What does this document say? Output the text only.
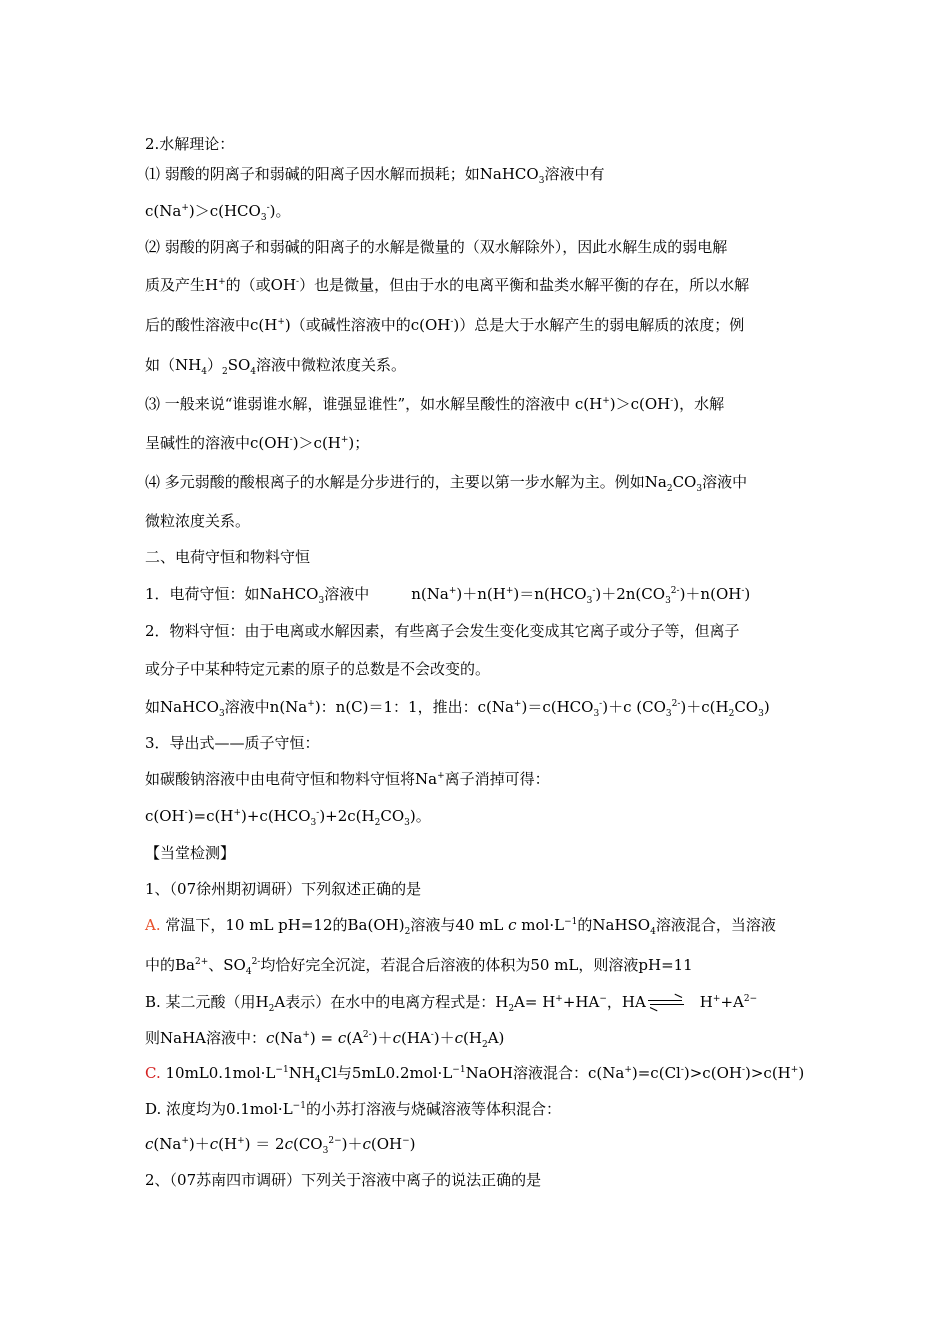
2.水解理论：
⑴ 弱酸的阴离子和弱碱的阳离子因水解而损耗；如NaHCO$_3$溶液中有
$c(Na^+)>c(HCO_3^-)$。
⑵ 弱酸的阴离子和弱碱的阳离子的水解是微量的（双水解除外），因此水解生成的弱电解
质及产生H+的（或OH-）也是微量，但由于水的电离平衡和盐类水解平衡的存在，所以水解
后的酸性溶液中c(H+)（或碱性溶液中的c(OH-)）总是大于水解产生的弱电解质的浓度；例
如$(NH_4)_2SO_4$溶液中微粒浓度关系。
⑶ 一般来说“谁弱谁水解，谁强显谁性”，如水解呈酸性的溶液中 c(H+)＞c(OH-)，水解
呈碱性的溶液中c(OH-)＞c(H+)；
⑷ 多元弱酸的酸根离子的水解是分步进行的，主要以第一步水解为主。例如$Na_2CO_3$溶液中
微粒浓度关系。
二、电荷守恒和物料守恒
1．电荷守恒：如NaHCO$_3$溶液中	$n(Na^+)+n(H^+)=n(HCO_3^-)+2n(CO_3^{2-})+n(OH^-)$
2．物料守恒：由于电离或水解因素，有些离子会发生变化变成其它离子或分子等，但离子
或分子中某种特定元素的原子的总数是不会改变的。
如NaHCO$_3$溶液中n(Na+)：n(C)＝1：1，推出：$c(Na^+)=c(HCO_3^-)+c$ $(CO_3^{2-})+c(H_2CO_3)$
3．导出式——质子守恒：
如碳酸钠溶液中由电荷守恒和物料守恒将Na+离子消掉可得：
$c(OH^-)=c(H^+)+c(HCO_3^-)+2c(H_2CO_3)$。
【当堂检测】
1、（07徐州期初调研）下列叙述正确的是
A. 常温下，10 mL pH=12的$Ba(OH)_2$溶液与40 mL c $mol\cdot L^{-1}$的NaHSO$_4$溶液混合，当溶液
中的$Ba^{2+}$、$SO_4^{2-}$均恰好完全沉淀，若混合后溶液的体积为50 mL，则溶液pH=11
B. 某二元酸（用$H_2A$表示）在水中的电离方程式是：$H_2A= H^++HA^-$，HA	$H^++A^{2-}$
则NaHA溶液中：$c(Na^+) = c(A^{2-})+c(HA^-)+c(H_2A)$
C. $10mL0.1mol\cdot L^{-1}NH_4Cl$与$5mL0.2mol\cdot L^{-1}NaOH$溶液混合：c(Na+)=c(Cl-)>c(OH-)>c(H+)
D. 浓度均为$0.1mol\cdot L^{-1}$的小苏打溶液与烧碱溶液等体积混合：
$c(Na^+)+c(H^+) = 2c(CO_3^{2-})+c(OH^-)$
2、（07苏南四市调研）下列关于溶液中离子的说法正确的是
